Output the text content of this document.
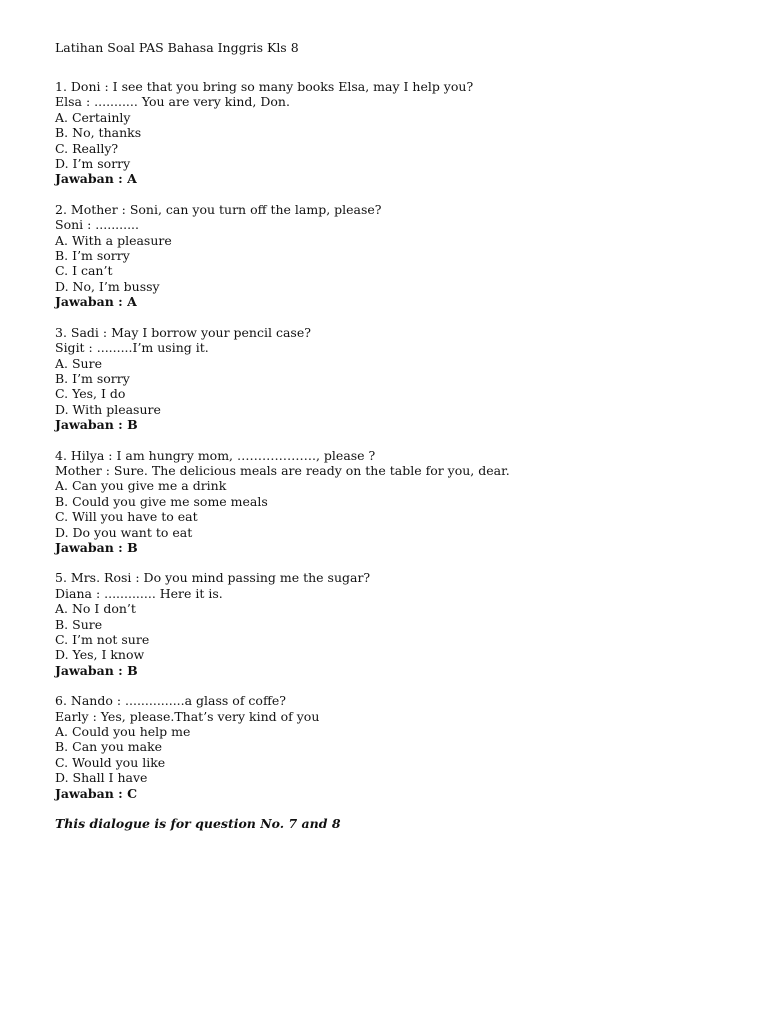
Latihan Soal PAS Bahasa Inggris Kls 8
1. Doni : I see that you bring so many books Elsa, may I help you?
Elsa : ........... You are very kind, Don.
A. Certainly
B. No, thanks
C. Really?
D. I’m sorry
Jawaban : A
2. Mother : Soni, can you turn off the lamp, please?
Soni : ...........
A. With a pleasure
B. I’m sorry
C. I can’t
D. No, I’m bussy
Jawaban : A
3. Sadi : May I borrow your pencil case?
Sigit : .........I’m using it.
A. Sure
B. I’m sorry
C. Yes, I do
D. With pleasure
Jawaban : B
4. Hilya : I am hungry mom, ………………., please ?
Mother : Sure. The delicious meals are ready on the table for you, dear.
A. Can you give me a drink
B. Could you give me some meals
C. Will you have to eat
D. Do you want to eat
Jawaban : B
5. Mrs. Rosi : Do you mind passing me the sugar?
Diana : ............. Here it is.
A. No I don’t
B. Sure
C. I’m not sure
D. Yes, I know
Jawaban : B
6. Nando : ...............a glass of coffe?
Early : Yes, please.That’s very kind of you
A. Could you help me
B. Can you make
C. Would you like
D. Shall I have
Jawaban : C
This dialogue is for question No. 7 and 8
